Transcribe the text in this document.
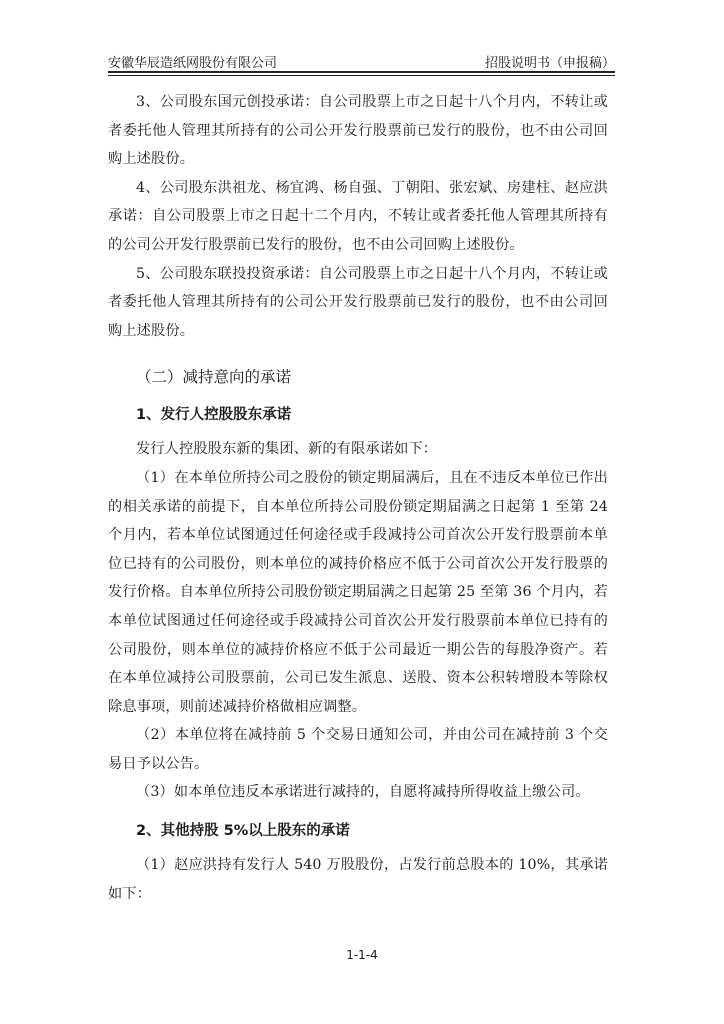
安徽华辰造纸网股份有限公司	招股说明书（申报稿）

3、公司股东国元创投承诺：自公司股票上市之日起十八个月内，不转让或者委托他人管理其所持有的公司公开发行股票前已发行的股份，也不由公司回购上述股份。

4、公司股东洪祖龙、杨宜鸿、杨自强、丁朝阳、张宏斌、房建柱、赵应洪承诺：自公司股票上市之日起十二个月内，不转让或者委托他人管理其所持有的公司公开发行股票前已发行的股份，也不由公司回购上述股份。

5、公司股东联投投资承诺：自公司股票上市之日起十八个月内，不转让或者委托他人管理其所持有的公司公开发行股票前已发行的股份，也不由公司回购上述股份。

（二）减持意向的承诺
1、发行人控股股东承诺

发行人控股股东新的集团、新的有限承诺如下：

（1）在本单位所持公司之股份的锁定期届满后，且在不违反本单位已作出的相关承诺的前提下，自本单位所持公司股份锁定期届满之日起第 1 至第 24 个月内，若本单位试图通过任何途径或手段减持公司首次公开发行股票前本单位已持有的公司股份，则本单位的减持价格应不低于公司首次公开发行股票的发行价格。自本单位所持公司股份锁定期届满之日起第 25 至第 36 个月内，若本单位试图通过任何途径或手段减持公司首次公开发行股票前本单位已持有的公司股份，则本单位的减持价格应不低于公司最近一期公告的每股净资产。若在本单位减持公司股票前，公司已发生派息、送股、资本公积转增股本等除权除息事项，则前述减持价格做相应调整。

（2）本单位将在减持前 5 个交易日通知公司，并由公司在减持前 3 个交易日予以公告。

（3）如本单位违反本承诺进行减持的，自愿将减持所得收益上缴公司。

2、其他持股 5%以上股东的承诺

（1）赵应洪持有发行人 540 万股股份，占发行前总股本的 10%，其承诺如下：

1-1-4
